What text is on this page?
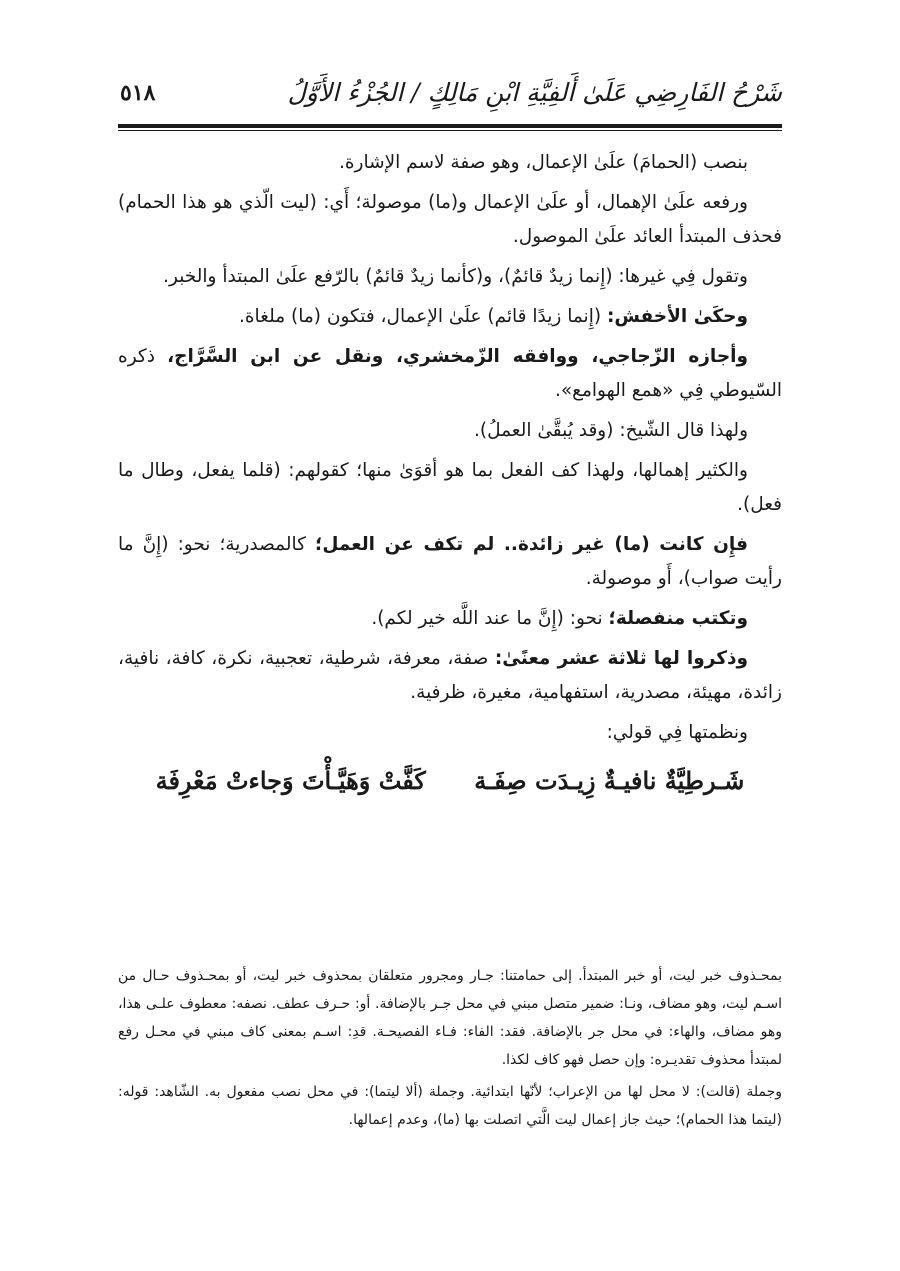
شَرْحُ الفَارِضِي عَلَىٰ أَلفِيَّةِ ابْنِ مَالِكٍ / الجُزْءُ الأَوَّلُ
٥١٨

بنصب (الحمامَ) علَىٰ الإعمال، وهو صفة لاسم الإشارة.

ورفعه علَىٰ الإهمال، أو علَىٰ الإعمال و(ما) موصولة؛ أَي: (ليت الّذي هو هذا الحمام) فحذف المبتدأ العائد علَىٰ الموصول.

وتقول فِي غيرها: (إِنما زيدٌ قائمٌ)، و(كأنما زيدٌ قائمٌ) بالرّفع علَىٰ المبتدأ والخبر.

وحكَىٰ الأخفش: (إِنما زيدًا قائم) علَىٰ الإعمال، فتكون (ما) ملغاة.

وأجازه الزّجاجي، ووافقه الزّمخشري، ونقل عن ابن السَّرَّاج، ذكره السّيوطي فِي «همع الهوامع».

ولهذا قال الشّيخ: (وقد يُبقَّىٰ العملُ).

والكثير إهمالها، ولهذا كف الفعل بما هو أقوَىٰ منها؛ كقولهم: (قلما يفعل، وطال ما فعل).

فإِن كانت (ما) غير زائدة.. لم تكف عن العمل؛ كالمصدرية؛ نحو: (إِنَّ ما رأيت صواب)، أَو موصولة.

وتكتب منفصلة؛ نحو: (إِنَّ ما عند اللَّه خير لكم).

وذكروا لها ثلاثة عشر معنًىٰ: صفة، معرفة، شرطية، تعجبية، نكرة، كافة، نافية، زائدة، مهيئة، مصدرية، استفهامية، مغيرة، ظرفية.

ونظمتها فِي قولي:

شَـرطِيَّةٌ نافيـةٌ زِيـدَت صِفَـة كَفَّتْ وَهَيَّـأْتَ وَجاءتْ مَعْرِفَة

بمحـذوف خبر ليت، أو خبر المبتدأ. إلى حمامتنا: جـار ومجرور متعلقان بمحذوف خبر ليت، أو بمحـذوف حـال من اسـم ليت، وهو مضاف، ونـا: ضمير متصل مبني في محل جـر بالإضافة. أو: حـرف عطف. نصفه: معطوف علـى هذا، وهو مضاف، والهاء: في محل جر بالإضافة. فقد: الفاء: فـاء الفصيحـة. قدِ: اسـم بمعنى كاف مبني في محـل رفع لمبتدأ محذوف تقديـره: وإن حصل فهو كاف لكذا.

وجملة (قالت): لا محل لها من الإعراب؛ لأنّها ابتدائية. وجملة (ألا ليتما): في محل نصب مفعول به. الشّاهد: قوله: (ليتما هذا الحمام)؛ حيث جاز إعمال ليت الَّتي اتصلت بها (ما)، وعدم إعمالها.
